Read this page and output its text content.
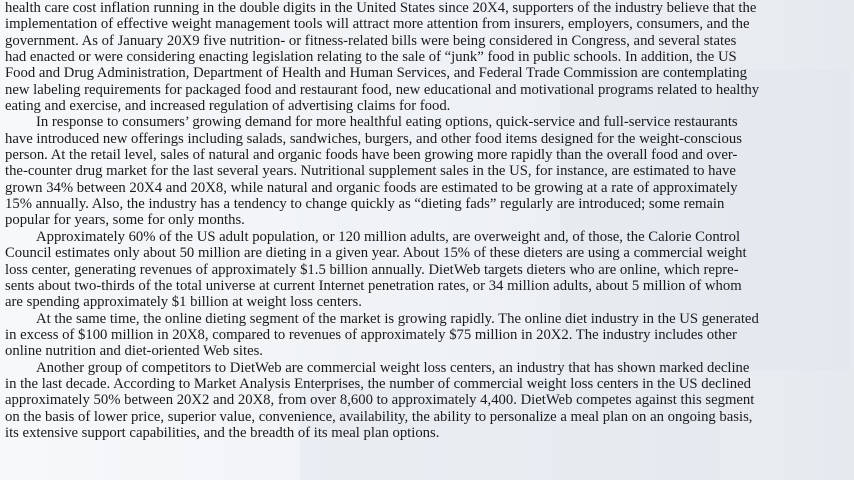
health care cost inflation running in the double digits in the United States since 20X4, supporters of the industry believe that the
implementation of effective weight management tools will attract more attention from insurers, employers, consumers, and the
government. As of January 20X9 five nutrition- or fitness-related bills were being considered in Congress, and several states
had enacted or were considering enacting legislation relating to the sale of “junk” food in public schools. In addition, the US
Food and Drug Administration, Department of Health and Human Services, and Federal Trade Commission are contemplating
new labeling requirements for packaged food and restaurant food, new educational and motivational programs related to healthy
eating and exercise, and increased regulation of advertising claims for food.

In response to consumers’ growing demand for more healthful eating options, quick-service and full-service restaurants
have introduced new offerings including salads, sandwiches, burgers, and other food items designed for the weight-conscious
person. At the retail level, sales of natural and organic foods have been growing more rapidly than the overall food and over-
the-counter drug market for the last several years. Nutritional supplement sales in the US, for instance, are estimated to have
grown 34% between 20X4 and 20X8, while natural and organic foods are estimated to be growing at a rate of approximately
15% annually. Also, the industry has a tendency to change quickly as “dieting fads” regularly are introduced; some remain
popular for years, some for only months.

Approximately 60% of the US adult population, or 120 million adults, are overweight and, of those, the Calorie Control
Council estimates only about 50 million are dieting in a given year. About 15% of these dieters are using a commercial weight
loss center, generating revenues of approximately $1.5 billion annually. DietWeb targets dieters who are online, which repre-
sents about two-thirds of the total universe at current Internet penetration rates, or 34 million adults, about 5 million of whom
are spending approximately $1 billion at weight loss centers.

At the same time, the online dieting segment of the market is growing rapidly. The online diet industry in the US generated
in excess of $100 million in 20X8, compared to revenues of approximately $75 million in 20X2. The industry includes other
online nutrition and diet-oriented Web sites.

Another group of competitors to DietWeb are commercial weight loss centers, an industry that has shown marked decline
in the last decade. According to Market Analysis Enterprises, the number of commercial weight loss centers in the US declined
approximately 50% between 20X2 and 20X8, from over 8,600 to approximately 4,400. DietWeb competes against this segment
on the basis of lower price, superior value, convenience, availability, the ability to personalize a meal plan on an ongoing basis,
its extensive support capabilities, and the breadth of its meal plan options.
